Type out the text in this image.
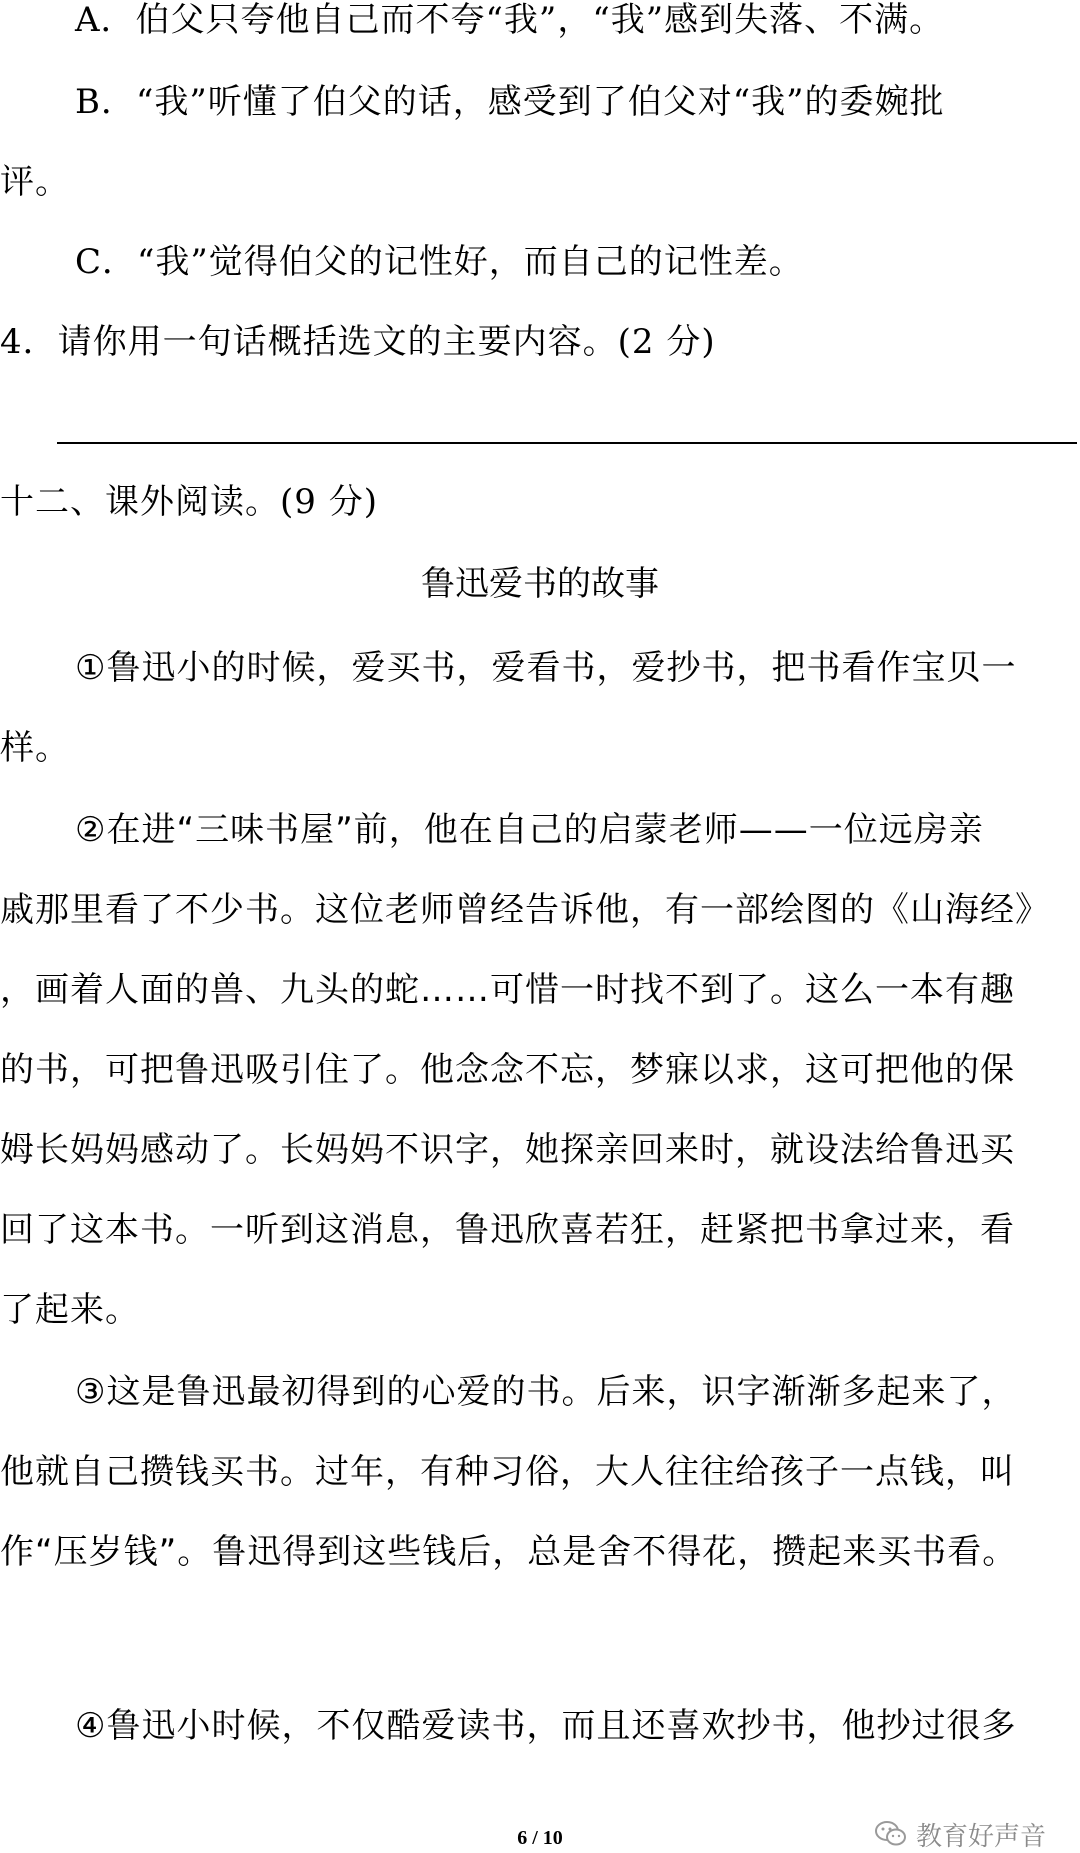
A．伯父只夸他自己而不夸“我”，“我”感到失落、不满。
B．“我”听懂了伯父的话，感受到了伯父对“我”的委婉批
评。
C．“我”觉得伯父的记性好，而自己的记性差。
4．请你用一句话概括选文的主要内容。(2 分)
十二、课外阅读。(9 分)
鲁迅爱书的故事
①鲁迅小的时候，爱买书，爱看书，爱抄书，把书看作宝贝一
样。
②在进“三味书屋”前，他在自己的启蒙老师——一位远房亲
戚那里看了不少书。这位老师曾经告诉他，有一部绘图的《山海经》
，画着人面的兽、九头的蛇……可惜一时找不到了。这么一本有趣
的书，可把鲁迅吸引住了。他念念不忘，梦寐以求，这可把他的保
姆长妈妈感动了。长妈妈不识字，她探亲回来时，就设法给鲁迅买
回了这本书。一听到这消息，鲁迅欣喜若狂，赶紧把书拿过来，看
了起来。
③这是鲁迅最初得到的心爱的书。后来，识字渐渐多起来了，
他就自己攒钱买书。过年，有种习俗，大人往往给孩子一点钱，叫
作“压岁钱”。鲁迅得到这些钱后，总是舍不得花，攒起来买书看。
④鲁迅小时候，不仅酷爱读书，而且还喜欢抄书，他抄过很多
教育好声音
6 / 10
